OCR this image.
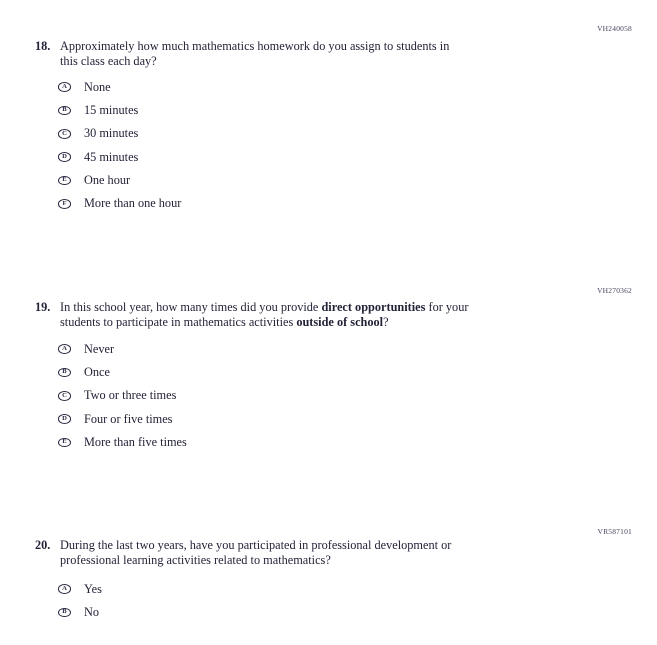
VH240058
18. Approximately how much mathematics homework do you assign to students in
this class each day?
A	None
B	15 minutes
C	30 minutes
D	45 minutes
E	One hour
F	More than one hour
VH270362
19. In this school year, how many times did you provide direct opportunities for your
students to participate in mathematics activities outside of school?
A	Never
B	Once
C	Two or three times
D	Four or five times
E	More than five times
VR587101
20. During the last two years, have you participated in professional development or
professional learning activities related to mathematics?
A	Yes
B	No
